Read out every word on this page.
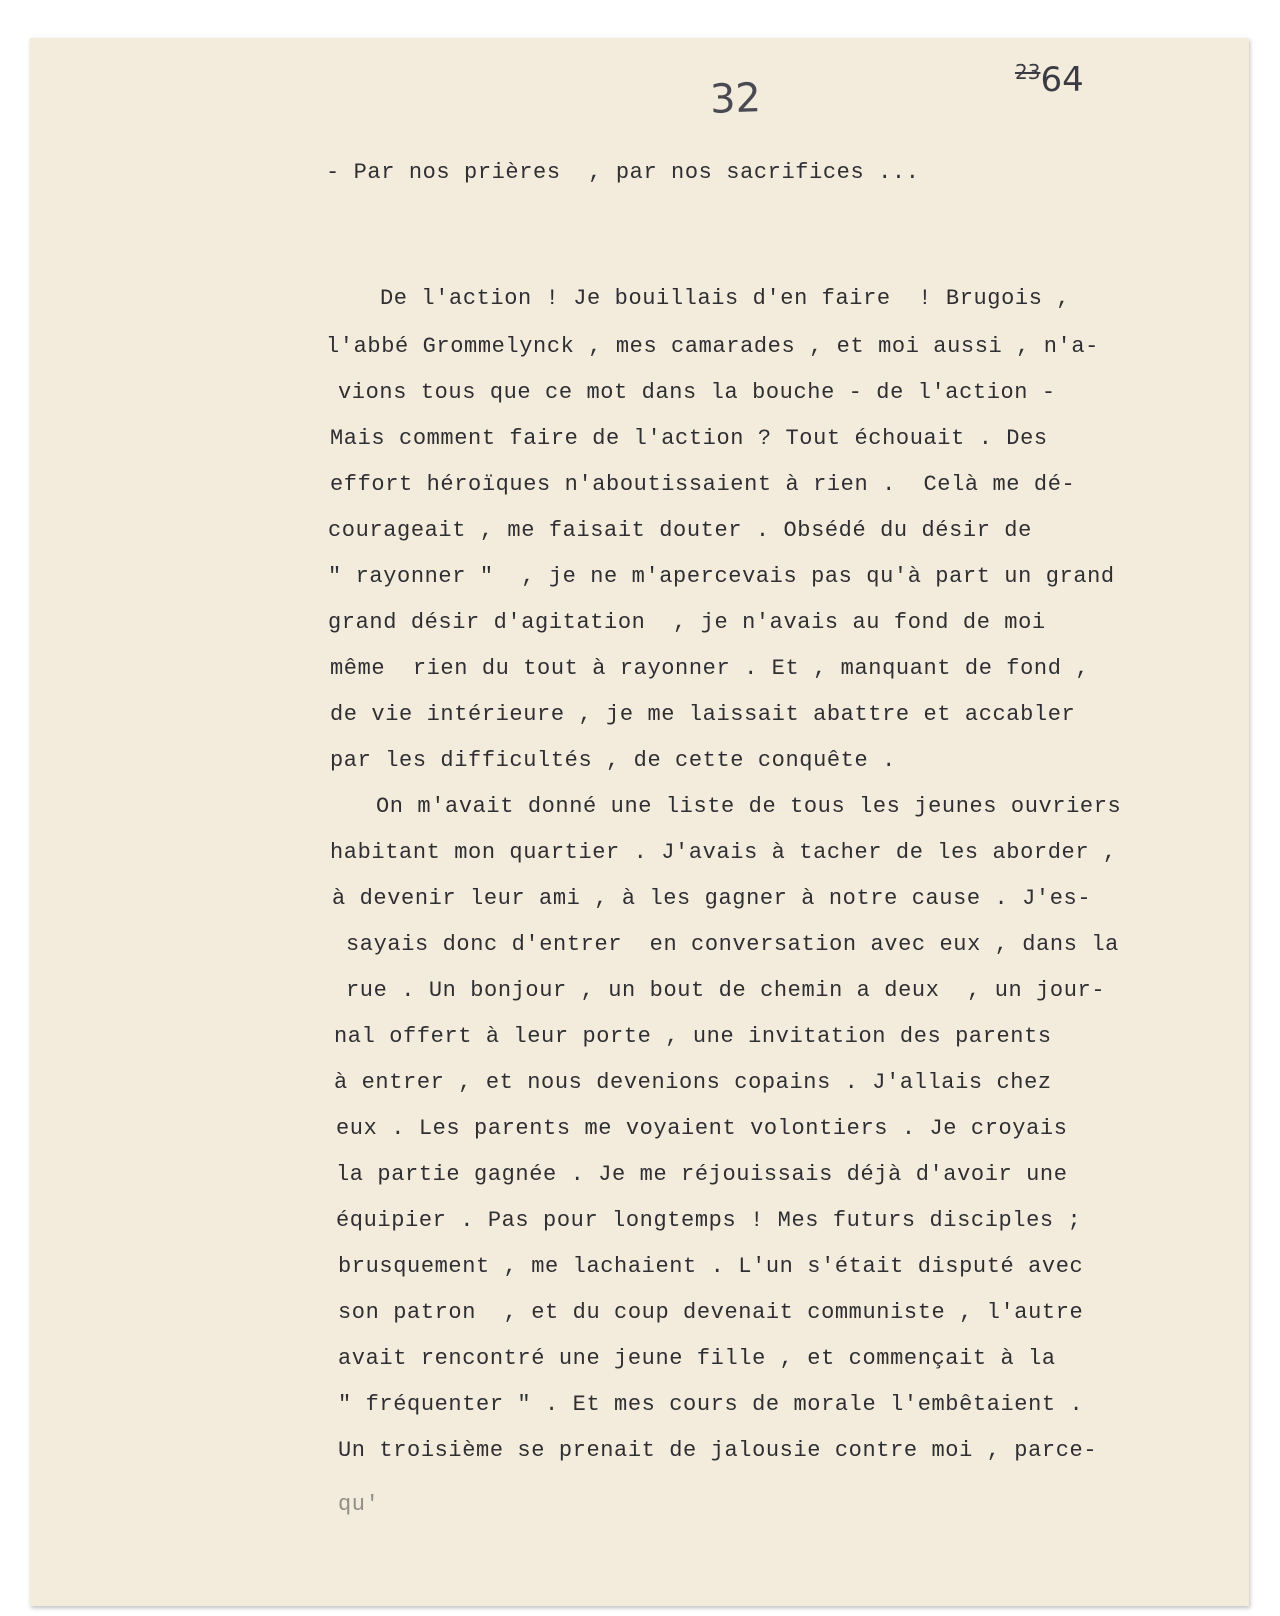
32
$^{23}$64
- Par nos prières  , par nos sacrifices ...
De l'action ! Je bouillais d'en faire  ! Brugois ,
l'abbé Grommelynck , mes camarades , et moi aussi , n'a-
vions tous que ce mot dans la bouche - de l'action -
Mais comment faire de l'action ? Tout échouait . Des
effort héroïques n'aboutissaient à rien .  Celà me dé-
courageait , me faisait douter . Obsédé du désir de
" rayonner "  , je ne m'apercevais pas qu'à part un grand
grand désir d'agitation  , je n'avais au fond de moi
même  rien du tout à rayonner . Et , manquant de fond ,
de vie intérieure , je me laissait abattre et accabler
par les difficultés , de cette conquête .
On m'avait donné une liste de tous les jeunes ouvriers
habitant mon quartier . J'avais à tacher de les aborder ,
à devenir leur ami , à les gagner à notre cause . J'es-
sayais donc d'entrer  en conversation avec eux , dans la
rue . Un bonjour , un bout de chemin a deux  , un jour-
nal offert à leur porte , une invitation des parents
à entrer , et nous devenions copains . J'allais chez
eux . Les parents me voyaient volontiers . Je croyais
la partie gagnée . Je me réjouissais déjà d'avoir une
équipier . Pas pour longtemps ! Mes futurs disciples ;
brusquement , me lachaient . L'un s'était disputé avec
son patron  , et du coup devenait communiste , l'autre
avait rencontré une jeune fille , et commençait à la
" fréquenter " . Et mes cours de morale l'embêtaient .
Un troisième se prenait de jalousie contre moi , parce-
qu'
